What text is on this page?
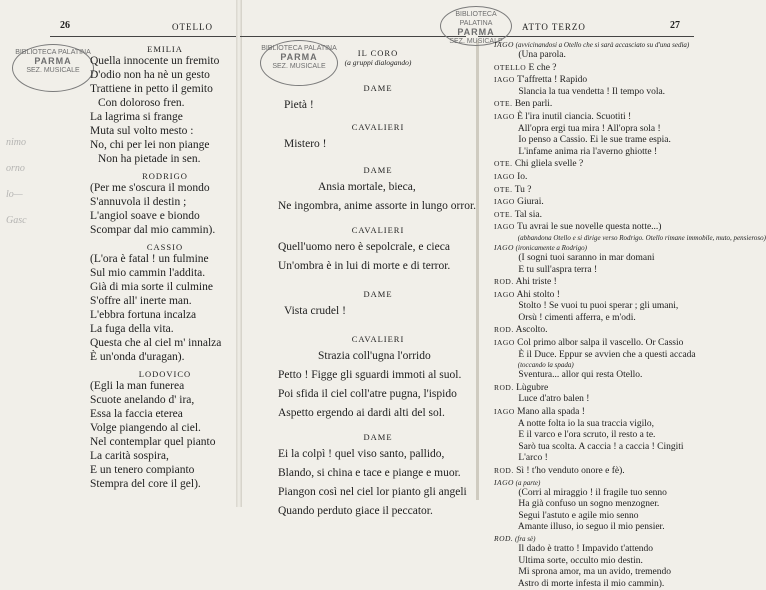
26	OTELLO
BIBLIOTECA PALATINA
PARMA
SEZ. MUSICALE

EMILIA

Quella innocente un fremito

D'odio non ha nè un gesto

Trattiene in petto il gemito

Con doloroso fren.

La lagrima si frange

Muta sul volto mesto :

No, chi per lei non piange

Non ha pietade in sen.

RODRIGO

(Per me s'oscura il mondo

S'annuvola il destin ;

L'angiol soave e biondo

Scompar dal mio cammin).

CASSIO

(L'ora è fatal ! un fulmine

Sul mio cammin l'addita.

Già di mia sorte il culmine

S'offre all' inerte man.

L'ebbra fortuna incalza

La fuga della vita.

Questa che al ciel m' innalza

È un'onda d'uragan).

LODOVICO

(Egli la man funerea

Scuote anelando d' ira,

Essa la faccia eterea

Volge piangendo al ciel.

Nel contemplar quel pianto

La carità sospira,

E un tenero compianto

Stempra del core il gel).

nimo
orno
lo—
Gasc
BIBLIOTECA PALATINA
PARMA
SEZ. MUSICALE

IL CORO

(a gruppi dialogando)

DAME

Pietà !

CAVALIERI

Mistero !

DAME

Ansia mortale, bieca,

Ne ingombra, anime assorte in lungo orror.

CAVALIERI

Quell'uomo nero è sepolcrale, e cieca

Un'ombra è in lui di morte e di terror.

DAME

Vista crudel !

CAVALIERI

Strazia coll'ugna l'orrido

Petto ! Figge gli sguardi immoti al suol.

Poi sfida il ciel coll'atre pugna, l'ispido

Aspetto ergendo ai dardi alti del sol.

DAME

Ei la colpì ! quel viso santo, pallido,

Blando, si china e tace e piange e muor.

Piangon così nel ciel lor pianto gli angeli

Quando perduto giace il peccator.

ATTO TERZO	27
BIBLIOTECA PALATINA
PARMA
SEZ. MUSICALE
IAGO (avvicinandosi a Otello che si sarà accasciato su d'una sedia)
(Una parola.
OTELLO E che ?
IAGO T'affretta ! Rapido
Slancia la tua vendetta ! Il tempo vola.
OTE. Ben parli.
IAGO È l'ira inutil ciancia. Scuotiti !
All'opra ergi tua mira ! All'opra sola !
Io penso a Cassio. Ei le sue trame espia.
L'infame anima ria l'averno ghiotte !
OTE. Chi gliela svelle ?
IAGO Io.
OTE. Tu ?
IAGO Giurai.
OTE. Tal sia.
IAGO Tu avrai le sue novelle questa notte...)
(abbandona Otello e si dirige verso Rodrigo. Otello rimane immobile, muto, pensieroso)
IAGO (ironicamente a Rodrigo)
(I sogni tuoi saranno in mar domani
E tu sull'aspra terra !
ROD. Ahi triste !
IAGO Ahi stolto !
Stolto ! Se vuoi tu puoi sperar ; gli umani,
Orsù ! cimenti afferra, e m'odi.
ROD. Ascolto.
IAGO Col primo albor salpa il vascello. Or Cassio
È il Duce. Eppur se avvien che a questi accada
(toccando la spada)
Sventura... allor qui resta Otello.
ROD. Lùgubre
Luce d'atro balen !
IAGO Mano alla spada !
A notte folta io la sua traccia vigilo,
E il varco e l'ora scruto, il resto a te.
Sarò tua scolta. A caccia ! a caccia ! Cingiti
L'arco !
ROD. Sì ! t'ho venduto onore e fè).
IAGO (a parte)
(Corri al miraggio ! il fragile tuo senno
Ha già confuso un sogno menzogner.
Segui l'astuto e agile mio senno
Amante illuso, io seguo il mio pensier.
ROD. (fra sè)
Il dado è tratto ! Impavido t'attendo
Ultima sorte, occulto mio destin.
Mi sprona amor, ma un avido, tremendo
Astro di morte infesta il mio cammin).
